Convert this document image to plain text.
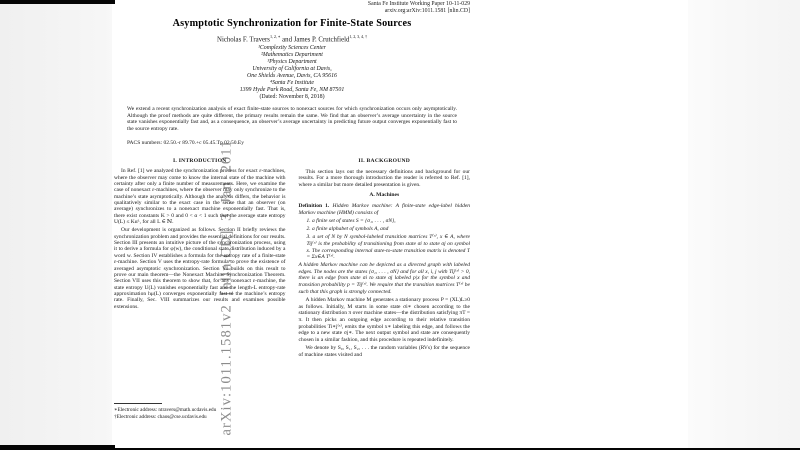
arXiv:1011.1581v2 [nlin.CD] 3 Jan 2011
Santa Fe Institute Working Paper 10-11-029
arxiv.org:arXiv:1011.1581 [nlin.CD]
Asymptotic Synchronization for Finite-State Sources
Nicholas F. Travers$^{1, 2, ∗}$ and James P. Crutchfield$^{1, 2, 3, 4, \dagger}$
¹Complexity Sciences Center
²Mathematics Department
³Physics Department
University of California at Davis,
One Shields Avenue, Davis, CA 95616
⁴Santa Fe Institute
1399 Hyde Park Road, Santa Fe, NM 87501
(Dated: November 8, 2018)
We extend a recent synchronization analysis of exact finite-state sources to nonexact sources for which synchronization occurs only asymptotically. Although the proof methods are quite different, the primary results remain the same. We find that an observer’s average uncertainty in the source state vanishes exponentially fast and, as a consequence, an observer’s average uncertainty in predicting future output converges exponentially fast to the source entropy rate.
PACS numbers: 02.50.-r 89.70.+c 05.45.Tp 02.50.Ey
I. INTRODUCTION

In Ref. [1] we analyzed the synchronization process for exact ε-machines, where the observer may come to know the internal state of the machine with certainty after only a finite number of measurements. Here, we examine the case of nonexact ε-machines, where the observer may only synchronize to the machine’s state asymptotically. Although the analysis differs, the behavior is qualitatively similar to the exact case in the sense that an observer (on average) synchronizes to a nonexact machine exponentially fast. That is, there exist constants K > 0 and 0 < α < 1 such that the average state entropy U(L) ≤ Kαᴸ, for all L ∈ ℕ.

Our development is organized as follows. Section II briefly reviews the synchronization problem and provides the essential definitions for our results. Section III presents an intuitive picture of the synchronization process, using it to derive a formula for φ(w), the conditional state distribution induced by a word w. Section IV establishes a formula for the entropy rate of a finite-state ε-machine. Section V uses the entropy-rate formula to prove the existence of averaged asymptotic synchronization. Section VI builds on this result to prove our main theorem—the Nonexact Machine Synchronization Theorem. Section VII uses this theorem to show that, for any nonexact ε-machine, the state entropy U(L) vanishes exponentially fast and the length-L entropy-rate approximation hμ(L) converges exponentially fast to the machine’s entropy rate. Finally, Sec. VIII summarizes our results and examines possible extensions.

∗Electronic address: ntravers@math.ucdavis.edu
†Electronic address: chaos@cse.ucdavis.edu
II. BACKGROUND

This section lays out the necessary definitions and background for our results. For a more thorough introduction the reader is referred to Ref. [1], where a similar but more detailed presentation is given.

A. Machines

Definition 1. Hidden Markov machine: A finite-state edge-label hidden Markov machine (HMM) consists of

1. a finite set of states S = {σ₁, . . . , σN},

2. a finite alphabet of symbols A, and

3. a set of N by N symbol-labeled transition matrices T⁽ˣ⁾, x ∈ A, where Tij⁽ˣ⁾ is the probability of transitioning from state σi to state σj on symbol x. The corresponding internal state-to-state transition matrix is denoted T = Σx∈A T⁽ˣ⁾.

A hidden Markov machine can be depicted as a directed graph with labeled edges. The nodes are the states {σ₁, . . . , σN} and for all x, i, j with Tij⁽ˣ⁾ > 0, there is an edge from state σi to state σj labeled p|x for the symbol x and transition probability p = Tij⁽ˣ⁾. We require that the transition matrices T⁽ˣ⁾ be such that this graph is strongly connected.

A hidden Markov machine M generates a stationary process P = (XL)L≥0 as follows. Initially, M starts in some state σi∗ chosen according to the stationary distribution π over machine states—the distribution satisfying πT = π. It then picks an outgoing edge according to their relative transition probabilities Ti∗j⁽ˣ⁾, emits the symbol x∗ labeling this edge, and follows the edge to a new state σj∗. The next output symbol and state are consequently chosen in a similar fashion, and this procedure is repeated indefinitely.

We denote by S₀, S₁, S₂, . . . the random variables (RVs) for the sequence of machine states visited and
